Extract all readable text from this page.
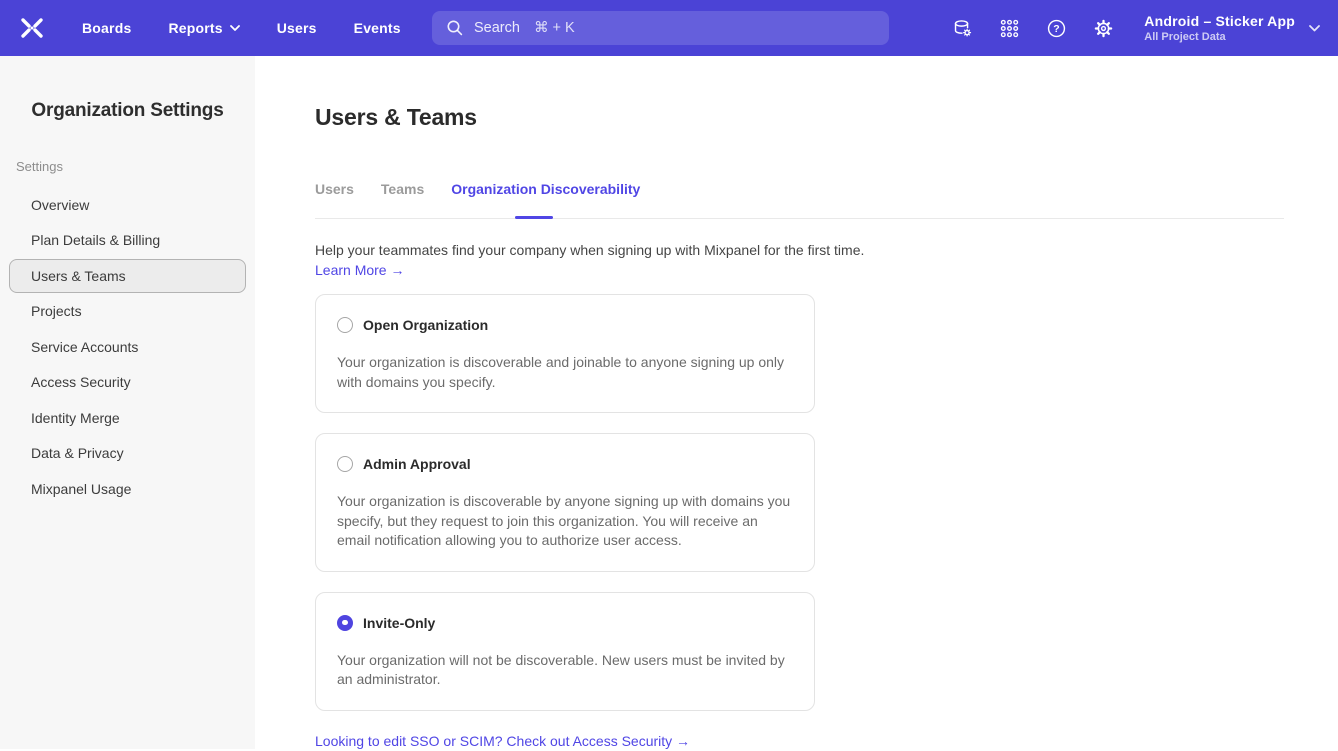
Boards	Reports	Users	Events	Search ⌘ + K	?
Android – Sticker App
All Project Data
Organization Settings
Settings
Overview
Plan Details & Billing
Users & Teams
Projects
Service Accounts
Access Security
Identity Merge
Data & Privacy
Mixpanel Usage
Users & Teams
Users Teams Organization Discoverability

Help your teammates find your company when signing up with Mixpanel for the first time.

Learn More →
Open Organization

Your organization is discoverable and joinable to anyone signing up only with domains you specify.

Admin Approval

Your organization is discoverable by anyone signing up with domains you specify, but they request to join this organization. You will receive an email notification allowing you to authorize user access.

Invite-Only

Your organization will not be discoverable. New users must be invited by an administrator.

Looking to edit SSO or SCIM? Check out Access Security →
